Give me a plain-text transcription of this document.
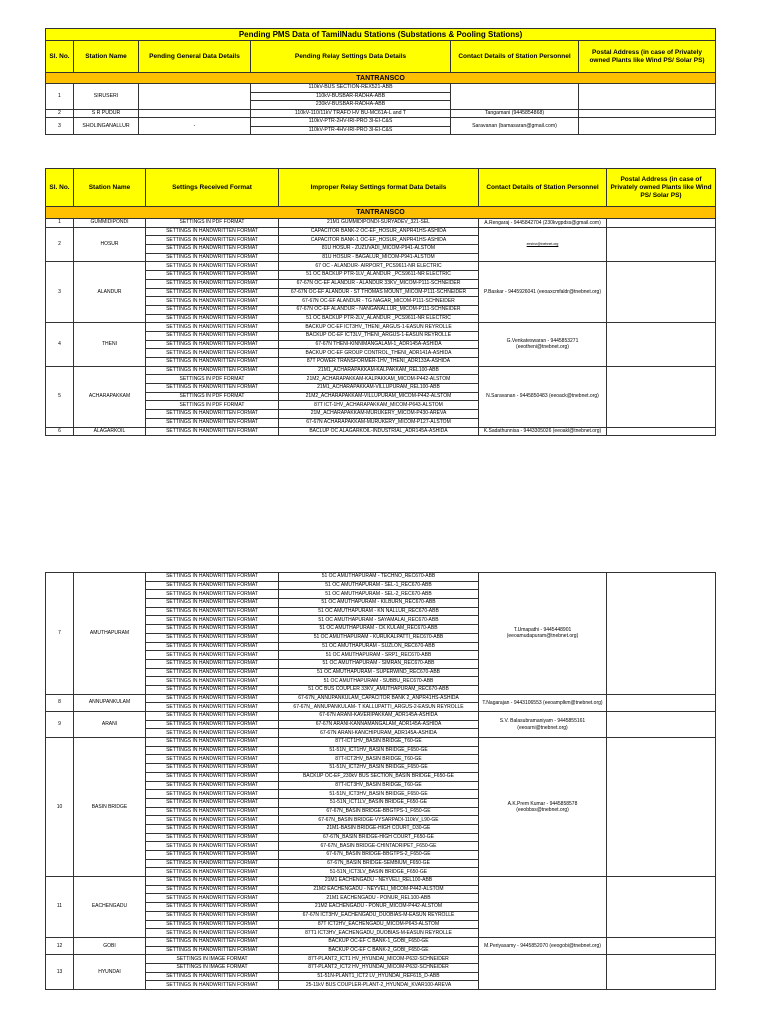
Pending PMS Data of TamilNadu Stations (Substations & Pooling Stations)					
Sl. No.	Station Name	Pending General Data Details	Pending Relay Settings Data Details	Contact Details of Station Personnel	Postal Address (in case of Privately owned Plants like Wind PS/ Solar PS)
TANTRANSCO					
1	SIRUSERI		110kV-BUS SECTION-REX521-ABB		
			110kV-BUSBAR-RADHA-ABB		
			230kV-BUSBAR-RADHA-ABB		
2	S R PUDUR		110kV-110/11kV TRAFO HV BU-MC61A-L and T	Tangamani (9445854868)	
3	SHOLINGANALLUR	-	110kV-PTR-2HV-IRI-PRO 3I-EI-C&S	Saravanan (bamasaran@gmail.com)	
			110kV-PTR-4HV-IRI-PRO 3I-EI-C&S		
Sl. No.	Station Name	Settings Received Format	Improper Relay Settings format Data Details	Contact Details of Station Personnel	Postal Address (in case of Privately owned Plants like Wind PS/ Solar PS)
TANTRANSCO					
1	GUMMIDIPONDI	SETTINGS IN PDF FORMAT	21M1 GUMMIDIPONDI-SURYADEV_321-SEL	A.Rengaraj - 9445842704 (230kvgpdss@gmail.com)	
2	HOSUR	SETTINGS IN HANDWRITTEN FORMAT	CAPACITOR BANK-2 OC-EF_HOSUR_ANPR41HS-ASHIDA	eeshsr@tnebnet.org	
		SETTINGS IN HANDWRITTEN FORMAT	CAPACITOR BANK-1 OC-EF_HOSUR_ANPR41HS-ASHIDA		
		SETTINGS IN HANDWRITTEN FORMAT	81U HOSUR - ZUZUVADI_MICOM-P941-ALSTOM		
		SETTINGS IN HANDWRITTEN FORMAT	81U HOSUR - BAGALUR_MICOM-P941-ALSTOM		
3	ALANDUR	SETTINGS IN HANDWRITTEN FORMAT	67 OC - ALANDUR- AIRPORT_PCS9611-NR ELECTRIC	P.Baskar - 9445926041 (eeoaxcmfaldr@tnebnet.org)	
		SETTINGS IN HANDWRITTEN FORMAT	51 OC BACKUP PTR-1LV_ALANDUR _PCS9611-NR ELECTRIC		
		SETTINGS IN HANDWRITTEN FORMAT	67-67N OC-EF ALANDUR - ALANDUR 33KV_MICOM-P111-SCHNEIDER		
		SETTINGS IN HANDWRITTEN FORMAT	67-67N OC-EF ALANDUR - ST THOMAS MOUNT_MICOM-P111-SCHNEIDER		
		SETTINGS IN HANDWRITTEN FORMAT	67-67N OC-EF ALANDUR - TG NAGAR_MICOM-P111-SCHNEIDER		
		SETTINGS IN HANDWRITTEN FORMAT	67-67N OC-EF ALANDUR - NANGANALLUR_MICOM-P111-SCHNEIDER		
		SETTINGS IN HANDWRITTEN FORMAT	51 OC BACKUP PTR-2LV_ALANDUR _PCS9611-NR ELECTRIC		
4	THENI	SETTINGS IN HANDWRITTEN FORMAT	BACKUP OC-EF ICT3HV_THENI_ARGUS-1-EASUN REYROLLE	G.Venkateswaran - 9445853271 (eeotheni@tnebnet.org)	
		SETTINGS IN HANDWRITTEN FORMAT	BACKUP OC-EF ICT3LV_THENI_ARGUS-1-EASUN REYROLLE		
		SETTINGS IN HANDWRITTEN FORMAT	67-67N THENI-KINNIMANGALAM-1_ADR145A-ASHIDA		
		SETTINGS IN HANDWRITTEN FORMAT	BACKUP OC-EF GROUP CONTROL_THENI_ADR141A-ASHIDA		
		SETTINGS IN HANDWRITTEN FORMAT	87T POWER TRANSFORMER-1HV_THENI_ADR133A-ASHIDA		
5	ACHARAPAKKAM	SETTINGS IN HANDWRITTEN FORMAT	21M1_ACHARAPAKKAM-KALPAKKAM_REL100-ABB	N.Saravanan - 9445850483 (eeoack@tnebnet.org)	
		SETTINGS IN PDF FORMAT	21M2_ACHARAPAKKAM-KALPAKKAM_MICOM-P442-ALSTOM		
		SETTINGS IN HANDWRITTEN FORMAT	21M1_ACHARAPAKKAM-VILLUPURAM_REL100-ABB		
		SETTINGS IN PDF FORMAT	21M2_ACHARAPAKKAM-VILLUPURAM_MICOM-P442-ALSTOM		
		SETTINGS IN PDF FORMAT	87T ICT-1HV_ACHARAPAKKAM_MICOM-P643-ALSTOM		
		SETTINGS IN HANDWRITTEN FORMAT	21M_ACHARAPAKKAM-MURUKERY_MICOM-P430-AREVA		
		SETTINGS IN HANDWRITTEN FORMAT	67-67N ACHARAPAKKAM-MURUKERY_MICOM-P127-ALSTOM		
6	ALAGARKOIL	SETTINGS IN HANDWRITTEN FORMAT	BACLUP OC ALAGARKOIL-INDUSTRIAL_ADR145A-ASHIDA	K.Sadathunnisa - 9443305026 (eeoakl@tnebnet.org)	
7	AMUTHAPURAM	SETTINGS IN HANDWRITTEN FORMAT	51 OC AMUTHAPURAM - TECHNO_REC670-ABB	T.Umapathi - 9445448901 (eeoamudapuram@tnebnet.org)	
		SETTINGS IN HANDWRITTEN FORMAT	51 OC AMUTHAPURAM - SEL-1_REC670-ABB		
		SETTINGS IN HANDWRITTEN FORMAT	51 OC AMUTHAPURAM - SEL-2_REC670-ABB		
		SETTINGS IN HANDWRITTEN FORMAT	51 OC AMUTHAPURAM - KILBURN_REC670-ABB		
		SETTINGS IN HANDWRITTEN FORMAT	51 OC AMUTHAPURAM - KN NALLUR_REC670-ABB		
		SETTINGS IN HANDWRITTEN FORMAT	51 OC AMUTHAPURAM - SAYAMALAI_REC670-ABB		
		SETTINGS IN HANDWRITTEN FORMAT	51 OC AMUTHAPURAM - CK KULAM_REC670-ABB		
		SETTINGS IN HANDWRITTEN FORMAT	51 OC AMUTHAPURAM - KURUKALPATTI_REC670-ABB		
		SETTINGS IN HANDWRITTEN FORMAT	51 OC AMUTHAPURAM - SUZLON_REC670-ABB		
		SETTINGS IN HANDWRITTEN FORMAT	51 OC AMUTHAPURAM - SRP1_REC670-ABB		
		SETTINGS IN HANDWRITTEN FORMAT	51 OC AMUTHAPURAM - SIMRAN_REC670-ABB		
		SETTINGS IN HANDWRITTEN FORMAT	51 OC AMUTHAPURAM - SUPERWIND_REC670-ABB		
		SETTINGS IN HANDWRITTEN FORMAT	51 OC AMUTHAPURAM - SUBBU_REC670-ABB		
		SETTINGS IN HANDWRITTEN FORMAT	51 OC BUS COUPLER 33KV_AMUTHAPURAM_REC670-ABB		
8	ANNUPANKULAM	SETTINGS IN HANDWRITTEN FORMAT	67-67N_ANNUPANKULAM_CAPACITOR BANK 2_ANPR41HS-ASHIDA	T.Nagarajan - 9443106553 (eeoamplkm@tnebnet.org)	
		SETTINGS IN HANDWRITTEN FORMAT	67-67N_ ANNUPANKULAM- T KALLUPATTI_ARGUS-2-EASUN REYROLLE		
9	ARANI	SETTINGS IN HANDWRITTEN FORMAT	67-67N ARANI-KAVERIPAKKAM_ADR145A-ASHIDA	S.V. Balasubramaniyam - 9445855161 (eeoarni@tnebnet.org)	
		SETTINGS IN HANDWRITTEN FORMAT	67-67N ARANI-KANNAMANGALAM_ADR145A-ASHIDA		
		SETTINGS IN HANDWRITTEN FORMAT	67-67N ARANI-KANCHIPURAM_ADR145A-ASHIDA		
10	BASIN BRIDGE	SETTINGS IN HANDWRITTEN FORMAT	87T-ICT1HV_BASIN BRIDGE_T60-GE	A.K.Prem Kumar - 9445858578 (eeobbss@tnebnet.org)	
		SETTINGS IN HANDWRITTEN FORMAT	51-51N_ICT1HV_BASIN BRIDGE_F650-GE		
		SETTINGS IN HANDWRITTEN FORMAT	87T-ICT2HV_BASIN BRIDGE_T60-GE		
		SETTINGS IN HANDWRITTEN FORMAT	51-51N_ICT2HV_BASIN BRIDGE_F650-GE		
		SETTINGS IN HANDWRITTEN FORMAT	BACKUP OC-EF_230kV BUS SECTION_BASIN BRIDGE_F650-GE		
		SETTINGS IN HANDWRITTEN FORMAT	87T-ICT3HV_BASIN BRIDGE_T60-GE		
		SETTINGS IN HANDWRITTEN FORMAT	51-51N_ICT3HV_BASIN BRIDGE_F650-GE		
		SETTINGS IN HANDWRITTEN FORMAT	51-51N_ICT1LV_BASIN BRIDGE_F650-GE		
		SETTINGS IN HANDWRITTEN FORMAT	67-67N_BASIN BRIDGE-BBGTPS-1_F650-GE		
		SETTINGS IN HANDWRITTEN FORMAT	67-67N_BASIN BRIDGE-VYSARPADI-110kV_L90-GE		
		SETTINGS IN HANDWRITTEN FORMAT	21M1-BASIN BRIDGE-HIGH COURT_D30-GE		
		SETTINGS IN HANDWRITTEN FORMAT	67-67N_BASIN BRIDGE-HIGH COURT_F650-GE		
		SETTINGS IN HANDWRITTEN FORMAT	67-67N_BASIN BRIDGE-CHINTADRIPET_F650-GE		
		SETTINGS IN HANDWRITTEN FORMAT	67-67N_BASIN BRIDGE-BBGTPS-2_F650-GE		
		SETTINGS IN HANDWRITTEN FORMAT	67-67N_BASIN BRIDGE-SEMBIUM_F650-GE		
		SETTINGS IN HANDWRITTEN FORMAT	51-51N_ICT3LV_BASIN BRIDGE_F650-GE		
11	EACHENGADU	SETTINGS IN HANDWRITTEN FORMAT	21M1 EACHENGADU - NEYVELI_REL100-ABB		
		SETTINGS IN HANDWRITTEN FORMAT	21M2 EACHENGADU - NEYVELI_MICOM-P442-ALSTOM		
		SETTINGS IN HANDWRITTEN FORMAT	21M1 EACHENGADU - PONUR_REL100-ABB		
		SETTINGS IN HANDWRITTEN FORMAT	21M2 EACHENGADU - PONUR_MICOM-P442-ALSTOM		
		SETTINGS IN HANDWRITTEN FORMAT	67-67N ICT3HV_EACHENGADU_DUOBIAS-M-EASUN REYROLLE		
		SETTINGS IN HANDWRITTEN FORMAT	87T ICT2HV_EACHENGADU_MICOM-P643-ALSTOM		
		SETTINGS IN HANDWRITTEN FORMAT	87T1 ICT3HV_EACHENGADU_DUOBIAS-M-EASUN REYROLLE		
12	GOBI	SETTINGS IN HANDWRITTEN FORMAT	BACKUP OC-EF C BANK-1_GOBI_F650-GE	M.Periyasamy - 9445852070 (eeogobi@tnebnet.org)	
		SETTINGS IN HANDWRITTEN FORMAT	BACKUP OC-EF C BANK-2_GOBI_F650-GE		
13	HYUNDAI	SETTINGS IN IMAGE FORMAT	87T-PLANT2_ICT1 HV_HYUNDAI_MICOM-P632-SCHNEIDER		
		SETTINGS IN IMAGE FORMAT	87T-PLANT2_ICT2 HV_HYUNDAI_MICOM-P632-SCHNEIDER		
		SETTINGS IN HANDWRITTEN FORMAT	51-51N-PLANT1_ICT2 LV_HYUNDAI_REF615_D-ABB		
		SETTINGS IN HANDWRITTEN FORMAT	25-11kV BUS COUPLER-PLANT-2_HYUNDAI_KVAR100-AREVA		
